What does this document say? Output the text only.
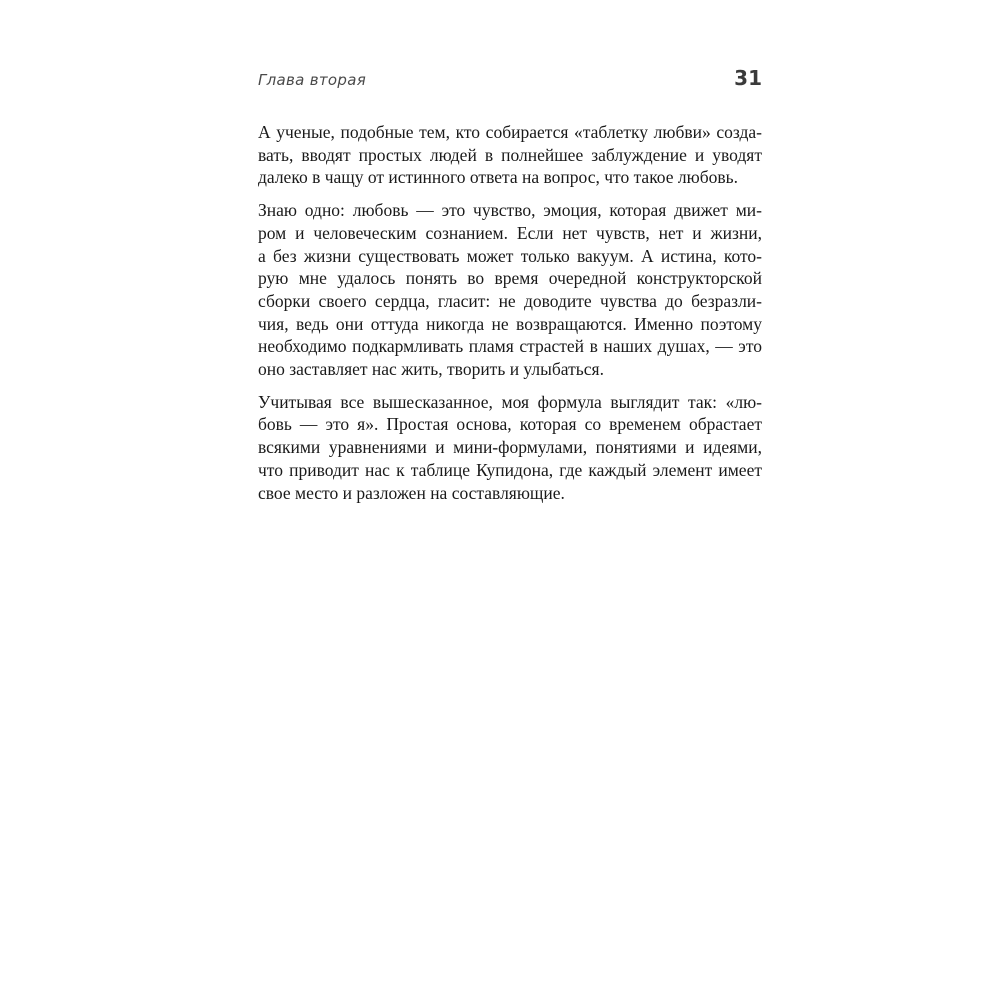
Глава вторая	31
А ученые, подобные тем, кто собирается «таблетку любви» созда-
вать, вводят простых людей в полнейшее заблуждение и уводят
далеко в чащу от истинного ответа на вопрос, что такое любовь.
Знаю одно: любовь — это чувство, эмоция, которая движет ми-
ром и человеческим сознанием. Если нет чувств, нет и жизни,
а без жизни существовать может только вакуум. А истина, кото-
рую мне удалось понять во время очередной конструкторской
сборки своего сердца, гласит: не доводите чувства до безразли-
чия, ведь они оттуда никогда не возвращаются. Именно поэтому
необходимо подкармливать пламя страстей в наших душах, — это
оно заставляет нас жить, творить и улыбаться.
Учитывая все вышесказанное, моя формула выглядит так: «лю-
бовь — это я». Простая основа, которая со временем обрастает
всякими уравнениями и мини-формулами, понятиями и идеями,
что приводит нас к таблице Купидона, где каждый элемент имеет
свое место и разложен на составляющие.
